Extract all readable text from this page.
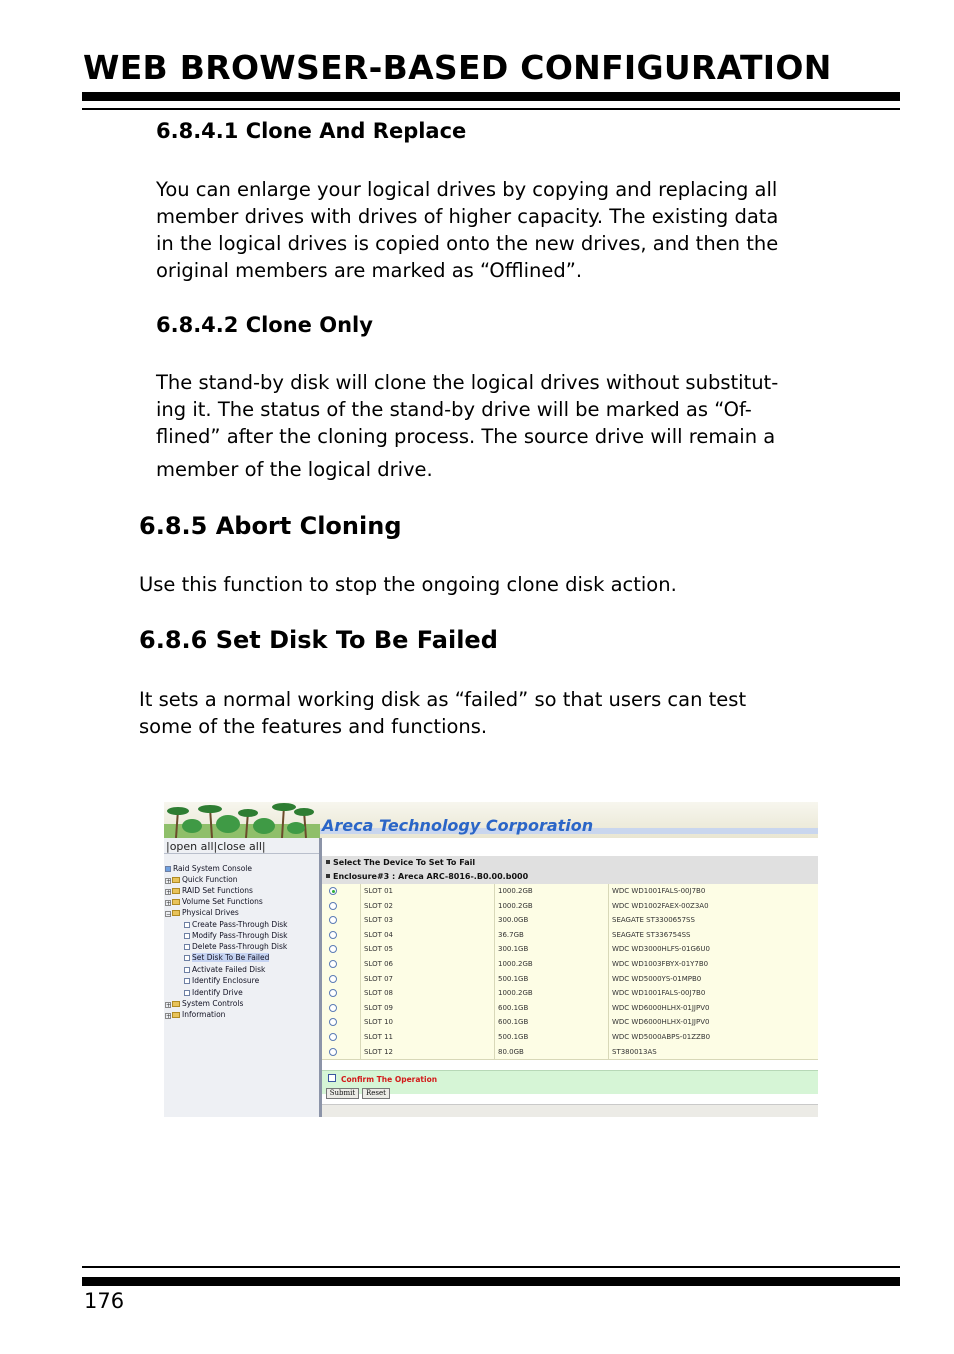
WEB BROWSER-BASED CONFIGURATION
6.8.4.1 Clone And Replace
You can enlarge your logical drives by copying and replacing all
member drives with drives of higher capacity. The existing data
in the logical drives is copied onto the new drives, and then the
original members are marked as “Offlined”.
6.8.4.2 Clone Only
The stand-by disk will clone the logical drives without substitut-
ing it. The status of the stand-by drive will be marked as “Of-
flined” after the cloning process. The source drive will remain a
member of the logical drive.
6.8.5 Abort Cloning
Use this function to stop the ongoing clone disk action.
6.8.6 Set Disk To Be Failed
It sets a normal working disk as “failed” so that users can test
some of the features and functions.
Areca Technology Corporation
|open all|close all|
Raid System Console
+ Quick Function
+ RAID Set Functions
+ Volume Set Functions
− Physical Drives
Create Pass-Through Disk
Modify Pass-Through Disk
Delete Pass-Through Disk
Set Disk To Be Failed
Activate Failed Disk
Identify Enclosure
Identify Drive
+ System Controls
+ Information
Select The Device To Set To Fail
Enclosure#3 : Areca ARC-8016-.B0.00.b000
SLOT 01	1000.2GB	WDC WD1001FALS-00J7B0
SLOT 02	1000.2GB	WDC WD1002FAEX-00Z3A0
SLOT 03	300.0GB	SEAGATE ST3300657SS
SLOT 04	36.7GB	SEAGATE ST336754SS
SLOT 05	300.1GB	WDC WD3000HLFS-01G6U0
SLOT 06	1000.2GB	WDC WD1003FBYX-01Y7B0
SLOT 07	500.1GB	WDC WD5000YS-01MPB0
SLOT 08	1000.2GB	WDC WD1001FALS-00J7B0
SLOT 09	600.1GB	WDC WD6000HLHX-01JJPV0
SLOT 10	600.1GB	WDC WD6000HLHX-01JJPV0
SLOT 11	500.1GB	WDC WD5000ABPS-01ZZB0
SLOT 12	80.0GB	ST380013AS
Confirm The Operation
Submit	Reset
176
